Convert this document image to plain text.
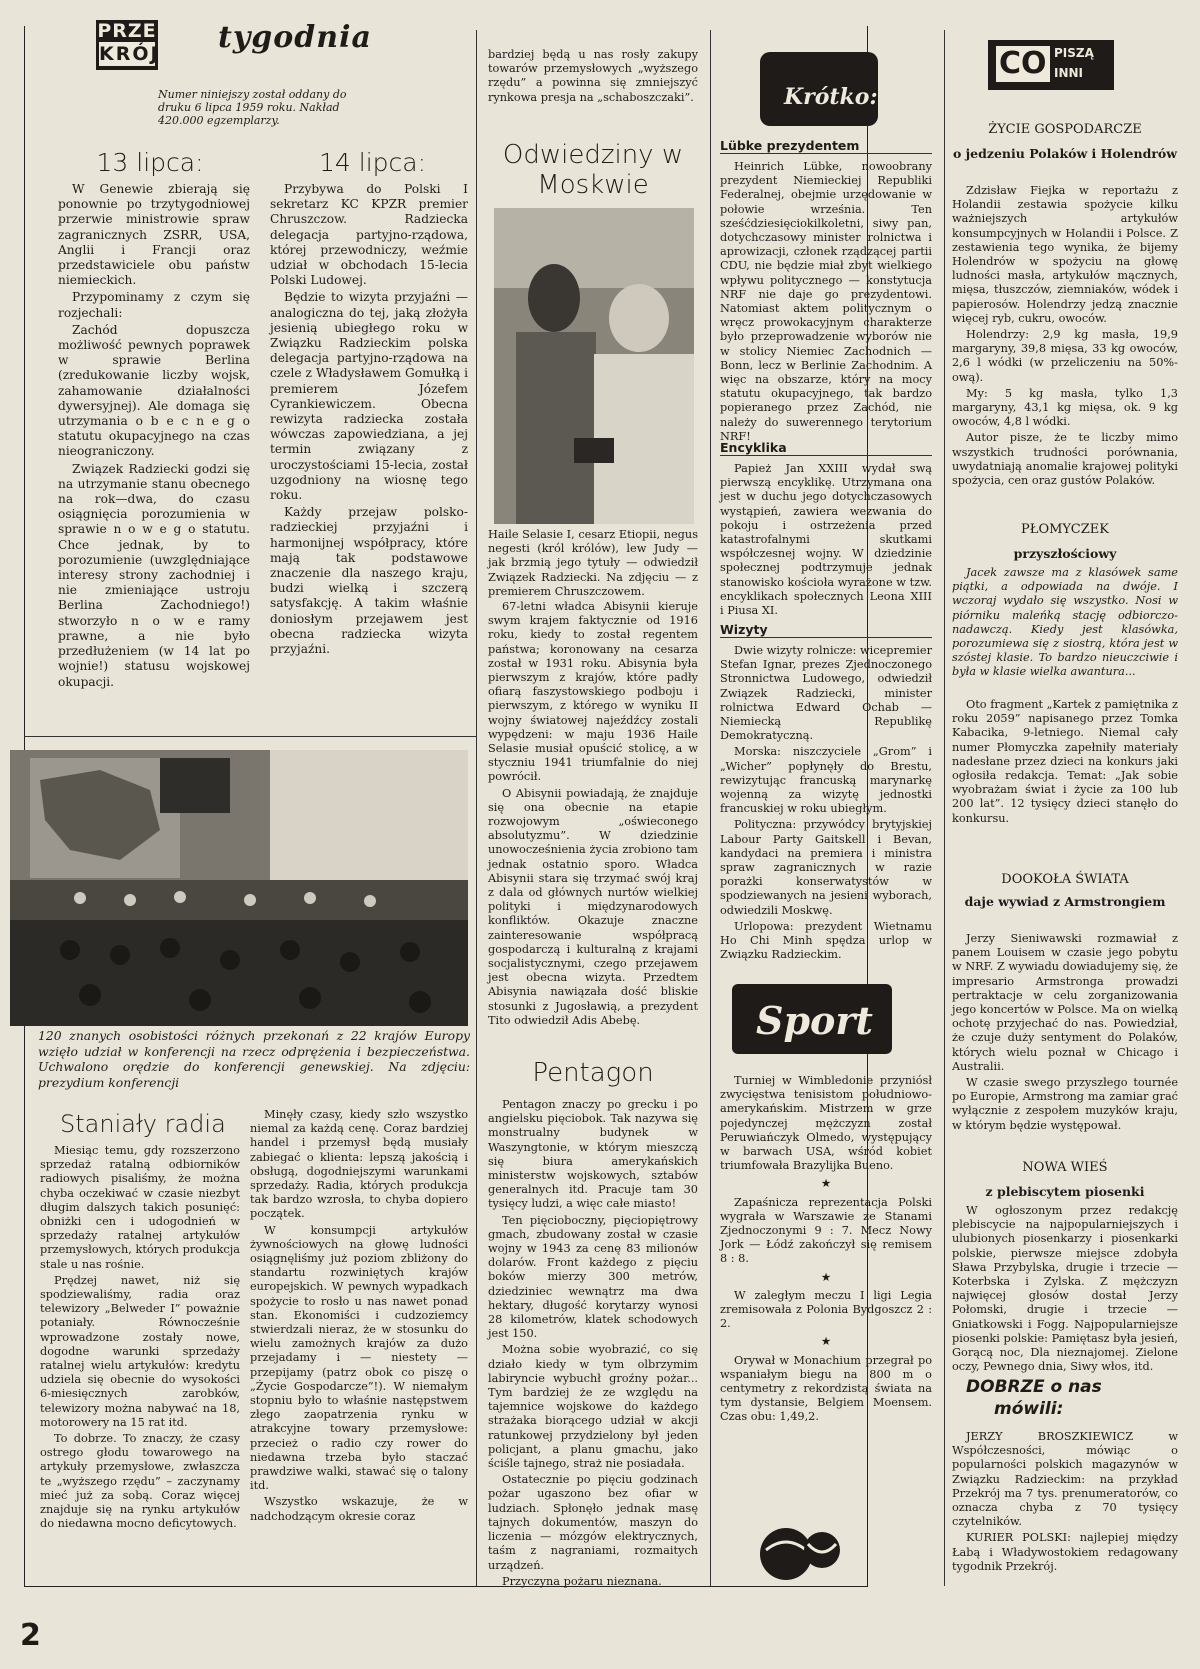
PRZE
KRÓJ tygodnia
Numer niniejszy został oddany do druku 6 lipca 1959 roku. Nakład 420.000 egzemplarzy.
13 lipca:

W Genewie zbierają się ponownie po trzytygodniowej przerwie ministrowie spraw zagranicznych ZSRR, USA, Anglii i Francji oraz przedstawiciele obu państw niemieckich.

Przypominamy z czym się rozjechali:

Zachód dopuszcza możliwość pewnych poprawek w sprawie Berlina (zredukowanie liczby wojsk, zahamowanie działalności dywersyjnej). Ale domaga się utrzymania o b e c n e g o statutu okupacyjnego na czas nieograniczony.

Związek Radziecki godzi się na utrzymanie stanu obecnego na rok—dwa, do czasu osiągnięcia porozumienia w sprawie n o w e g o statutu. Chce jednak, by to porozumienie (uwzględniające interesy strony zachodniej i nie zmieniające ustroju Berlina Zachodniego!) stworzyło n o w e ramy prawne, a nie było przedłużeniem (w 14 lat po wojnie!) statusu wojskowej okupacji.

14 lipca:

Przybywa do Polski I sekretarz KC KPZR premier Chruszczow. Radziecka delegacja partyjno-rządowa, której przewodniczy, weźmie udział w obchodach 15-lecia Polski Ludowej.

Będzie to wizyta przyjaźni — analogiczna do tej, jaką złożyła jesienią ubiegłego roku w Związku Radzieckim polska delegacja partyjno-rządowa na czele z Władysławem Gomułką i premierem Józefem Cyrankiewiczem. Obecna rewizyta radziecka została wówczas zapowiedziana, a jej termin związany z uroczystościami 15-lecia, został uzgodniony na wiosnę tego roku.

Każdy przejaw polsko-radzieckiej przyjaźni i harmonijnej współpracy, które mają tak podstawowe znaczenie dla naszego kraju, budzi wielką i szczerą satysfakcję. A takim właśnie doniosłym przejawem jest obecna radziecka wizyta przyjaźni.

120 znanych osobistości różnych przekonań z 22 krajów Europy wzięło udział w konferencji na rzecz odprężenia i bezpieczeństwa. Uchwalono orędzie do konferencji genewskiej. Na zdjęciu: prezydium konferencji
Staniały radia

Miesiąc temu, gdy rozszerzono sprzedaż ratalną odbiorników radiowych pisaliśmy, że można chyba oczekiwać w czasie niezbyt długim dalszych takich posunięć: obniżki cen i udogodnień w sprzedaży ratalnej artykułów przemysłowych, których produkcja stale u nas rośnie.

Prędzej nawet, niż się spodziewaliśmy, radia oraz telewizory „Belweder I” poważnie potaniały. Równocześnie wprowadzone zostały nowe, dogodne warunki sprzedaży ratalnej wielu artykułów: kredytu udziela się obecnie do wysokości 6-miesięcznych zarobków, telewizory można nabywać na 18, motorowery na 15 rat itd.

To dobrze. To znaczy, że czasy ostrego głodu towarowego na artykuły przemysłowe, zwłaszcza te „wyższego rzędu” – zaczynamy mieć już za sobą. Coraz więcej znajduje się na rynku artykułów do niedawna mocno deficytowych.

Minęły czasy, kiedy szło wszystko niemal za każdą cenę. Coraz bardziej handel i przemysł będą musiały zabiegać o klienta: lepszą jakością i obsługą, dogodniejszymi warunkami sprzedaży. Radia, których produkcja tak bardzo wzrosła, to chyba dopiero początek.

W konsumpcji artykułów żywnościowych na głowę ludności osiągnęliśmy już poziom zbliżony do standartu rozwiniętych krajów europejskich. W pewnych wypadkach spożycie to rosło u nas nawet ponad stan. Ekonomiści i cudzoziemcy stwierdzali nieraz, że w stosunku do wielu zamożnych krajów za dużo przejadamy i — niestety — przepijamy (patrz obok co piszę o „Życie Gospodarcze”!). W niemałym stopniu było to właśnie następstwem złego zaopatrzenia rynku w atrakcyjne towary przemysłowe: przecież o radio czy rower do niedawna trzeba było staczać prawdziwe walki, stawać się o talony itd.

Wszystko wskazuje, że w nadchodzącym okresie coraz

bardziej będą u nas rosły zakupy towarów przemysłowych „wyższego rzędu” a powinna się zmniejszyć rynkowa presja na „schaboszczaki”.
Odwiedziny w Moskwie
Haile Selasie I, cesarz Etiopii, negus negesti (król królów), lew Judy — jak brzmią jego tytuły — odwiedził Związek Radziecki. Na zdjęciu — z premierem Chruszczowem.

67-letni władca Abisynii kieruje swym krajem faktycznie od 1916 roku, kiedy to został regentem państwa; koronowany na cesarza został w 1931 roku. Abisynia była pierwszym z krajów, które padły ofiarą faszystowskiego podboju i pierwszym, z którego w wyniku II wojny światowej najeźdźcy zostali wypędzeni: w maju 1936 Haile Selasie musiał opuścić stolicę, a w styczniu 1941 triumfalnie do niej powrócił.

O Abisynii powiadają, że znajduje się ona obecnie na etapie rozwojowym „oświeconego absolutyzmu”. W dziedzinie unowocześnienia życia zrobiono tam jednak ostatnio sporo. Władca Abisynii stara się trzymać swój kraj z dala od głównych nurtów wielkiej polityki i międzynarodowych konfliktów. Okazuje znaczne zainteresowanie współpracą gospodarczą i kulturalną z krajami socjalistycznymi, czego przejawem jest obecna wizyta. Przedtem Abisynia nawiązała dość bliskie stosunki z Jugosławią, a prezydent Tito odwiedził Adis Abebę.

Pentagon

Pentagon znaczy po grecku i po angielsku pięciobok. Tak nazywa się monstrualny budynek w Waszyngtonie, w którym mieszczą się biura amerykańskich ministerstw wojskowych, sztabów generalnych itd. Pracuje tam 30 tysięcy ludzi, a więc całe miasto!

Ten pięcioboczny, pięciopiętrowy gmach, zbudowany został w czasie wojny w 1943 za cenę 83 milionów dolarów. Front każdego z pięciu boków mierzy 300 metrów, dziedziniec wewnątrz ma dwa hektary, długość korytarzy wynosi 28 kilometrów, klatek schodowych jest 150.

Można sobie wyobrazić, co się działo kiedy w tym olbrzymim labiryncie wybuchł groźny pożar... Tym bardziej że ze względu na tajemnice wojskowe do każdego strażaka biorącego udział w akcji ratunkowej przydzielony był jeden policjant, a planu gmachu, jako ściśle tajnego, straż nie posiadała.

Ostatecznie po pięciu godzinach pożar ugaszono bez ofiar w ludziach. Spłonęło jednak masę tajnych dokumentów, maszyn do liczenia — mózgów elektrycznych, taśm z nagraniami, rozmaitych urządzeń.

Przyczyna pożaru nieznana.

Krótko:
Lübke prezydentem
Heinrich Lübke, nowoobrany prezydent Niemieckiej Republiki Federalnej, obejmie urzędowanie w połowie września. Ten sześćdziesięciokilkoletni, siwy pan, dotychczasowy minister rolnictwa i aprowizacji, członek rządzącej partii CDU, nie będzie miał zbyt wielkiego wpływu politycznego — konstytucja NRF nie daje go prezydentowi. Natomiast aktem politycznym o wręcz prowokacyjnym charakterze było przeprowadzenie wyborów nie w stolicy Niemiec Zachodnich — Bonn, lecz w Berlinie Zachodnim. A więc na obszarze, który na mocy statutu okupacyjnego, tak bardzo popieranego przez Zachód, nie należy do suwerennego terytorium NRF!
Encyklika
Papież Jan XXIII wydał swą pierwszą encyklikę. Utrzymana ona jest w duchu jego dotychczasowych wystąpień, zawiera wezwania do pokoju i ostrzeżenia przed katastrofalnymi skutkami współczesnej wojny. W dziedzinie społecznej podtrzymuje jednak stanowisko kościoła wyrażone w tzw. encyklikach społecznych Leona XIII i Piusa XI.
Wizyty

Dwie wizyty rolnicze: wicepremier Stefan Ignar, prezes Zjednoczonego Stronnictwa Ludowego, odwiedził Związek Radziecki, minister rolnictwa Edward Ochab — Niemiecką Republikę Demokratyczną.

Morska: niszczyciele „Grom” i „Wicher” popłynęły do Brestu, rewizytując francuską marynarkę wojenną za wizytę jednostki francuskiej w roku ubiegłym.

Polityczna: przywódcy brytyjskiej Labour Party Gaitskell i Bevan, kandydaci na premiera i ministra spraw zagranicznych w razie porażki konserwatystów w spodziewanych na jesieni wyborach, odwiedzili Moskwę.

Urlopowa: prezydent Wietnamu Ho Chi Minh spędza urlop w Związku Radzieckim.

Sport

Turniej w Wimbledonie przyniósł zwycięstwa tenisistom południowo-amerykańskim. Mistrzem w grze pojedynczej mężczyzn został Peruwiańczyk Olmedo, występujący w barwach USA, wśród kobiet triumfowała Brazylijka Bueno.

★

Zapaśnicza reprezentacja Polski wygrała w Warszawie ze Stanami Zjednoczonymi 9 : 7. Mecz Nowy Jork — Łódź zakończył się remisem 8 : 8.

★

W zaległym meczu I ligi Legia zremisowała z Polonia Bydgoszcz 2 : 2.

★

Orywał w Monachium przegrał po wspaniałym biegu na 800 m o centymetry z rekordzistą świata na tym dystansie, Belgiem Moensem. Czas obu: 1,49,2.

CO PISZĄ
INNI
ŻYCIE GOSPODARCZE
o jedzeniu Polaków i Holendrów

Zdzisław Fiejka w reportażu z Holandii zestawia spożycie kilku ważniejszych artykułów konsumpcyjnych w Holandii i Polsce. Z zestawienia tego wynika, że bijemy Holendrów w spożyciu na głowę ludności masła, artykułów mącznych, mięsa, tłuszczów, ziemniaków, wódek i papierosów. Holendrzy jedzą znacznie więcej ryb, cukru, owoców.

Holendrzy: 2,9 kg masła, 19,9 margaryny, 39,8 mięsa, 33 kg owoców, 2,6 l wódki (w przeliczeniu na 50%-ową).

My: 5 kg masła, tylko 1,3 margaryny, 43,1 kg mięsa, ok. 9 kg owoców, 4,8 l wódki.

Autor pisze, że te liczby mimo wszystkich trudności porównania, uwydatniają anomalie krajowej polityki spożycia, cen oraz gustów Polaków.

PŁOMYCZEK
przyszłościowy
Jacek zawsze ma z klasówek same piątki, a odpowiada na dwóje. I wczoraj wydało się wszystko. Nosi w piórniku maleńką stację odbiorczo-nadawczą. Kiedy jest klasówka, porozumiewa się z siostrą, która jest w szóstej klasie. To bardzo nieuczciwie i była w klasie wielka awantura...
Oto fragment „Kartek z pamiętnika z roku 2059” napisanego przez Tomka Kabacika, 9-letniego. Niemal cały numer Płomyczka zapełniły materiały nadesłane przez dzieci na konkurs jaki ogłosiła redakcja. Temat: „Jak sobie wyobrażam świat i życie za 100 lub 200 lat”. 12 tysięcy dzieci stanęło do konkursu.
DOOKOŁA ŚWIATA
daje wywiad z Armstrongiem

Jerzy Sieniwawski rozmawiał z panem Louisem w czasie jego pobytu w NRF. Z wywiadu dowiadujemy się, że impresario Armstronga prowadzi pertraktacje w celu zorganizowania jego koncertów w Polsce. Ma on wielką ochotę przyjechać do nas. Powiedział, że czuje duży sentyment do Polaków, których wielu poznał w Chicago i Australii.

W czasie swego przyszłego tournée po Europie, Armstrong ma zamiar grać wyłącznie z zespołem muzyków kraju, w którym będzie występował.

NOWA WIEŚ
z plebiscytem piosenki
W ogłoszonym przez redakcję plebiscycie na najpopularniejszych i ulubionych piosenkarzy i piosenkarki polskie, pierwsze miejsce zdobyła Sława Przybylska, drugie i trzecie — Koterbska i Zylska. Z mężczyzn najwięcej głosów dostał Jerzy Połomski, drugie i trzecie — Gniatkowski i Fogg. Najpopularniejsze piosenki polskie: Pamiętasz była jesień, Gorącą noc, Dla nieznajomej. Zielone oczy, Pewnego dnia, Siwy włos, itd.
DOBRZE o nas
mówili:

JERZY BROSZKIEWICZ w Współczesności, mówiąc o popularności polskich magazynów w Związku Radzieckim: na przykład Przekrój ma 7 tys. prenumeratorów, co oznacza chyba z 70 tysięcy czytelników.

KURIER POLSKI: najlepiej między Łabą i Władywostokiem redagowany tygodnik Przekrój.

2
